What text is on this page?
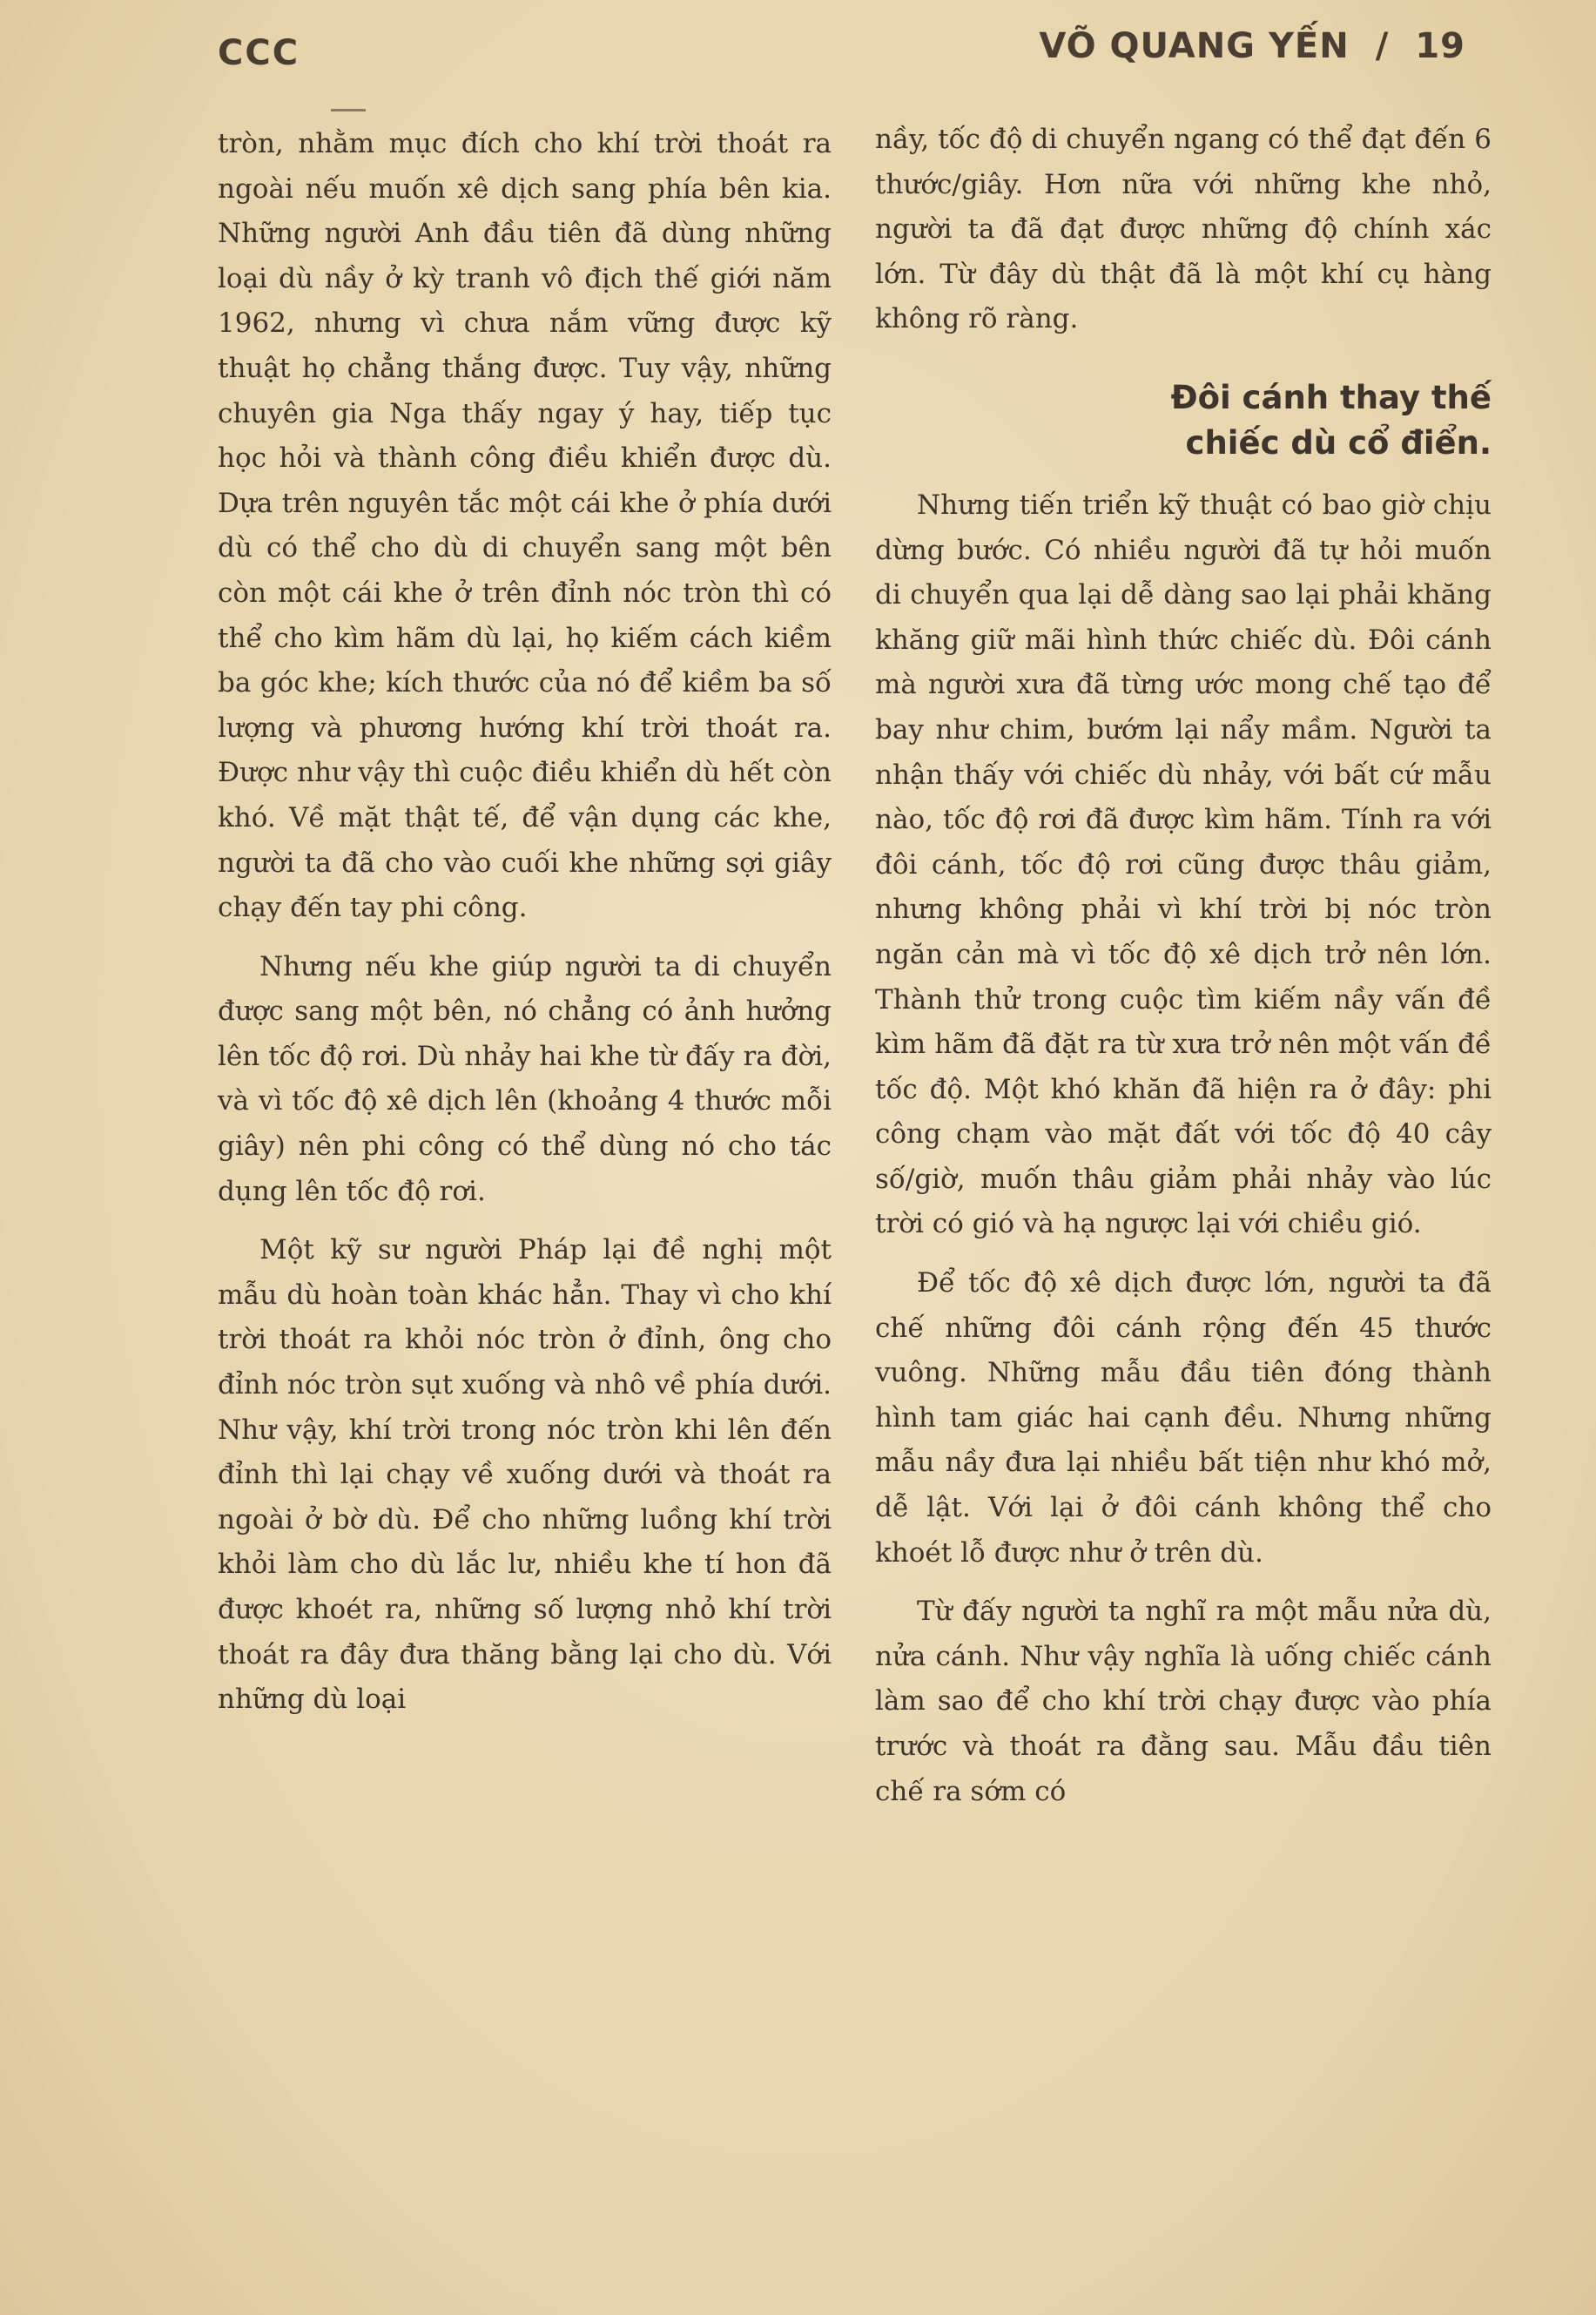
CCC	VÕ QUANG YẾN / 19

tròn, nhằm mục đích cho khí trời thoát ra ngoài nếu muốn xê dịch sang phía bên kia. Những người Anh đầu tiên đã dùng những loại dù nầy ở kỳ tranh vô địch thế giới năm 1962, nhưng vì chưa nắm vững được kỹ thuật họ chẳng thắng được. Tuy vậy, những chuyên gia Nga thấy ngay ý hay, tiếp tục học hỏi và thành công điều khiển được dù. Dựa trên nguyên tắc một cái khe ở phía dưới dù có thể cho dù di chuyển sang một bên còn một cái khe ở trên đỉnh nóc tròn thì có thể cho kìm hãm dù lại, họ kiếm cách kiềm ba góc khe; kích thước của nó để kiềm ba số lượng và phương hướng khí trời thoát ra. Được như vậy thì cuộc điều khiển dù hết còn khó. Về mặt thật tế, để vận dụng các khe, người ta đã cho vào cuối khe những sợi giây chạy đến tay phi công.

Nhưng nếu khe giúp người ta di chuyển được sang một bên, nó chẳng có ảnh hưởng lên tốc độ rơi. Dù nhảy hai khe từ đấy ra đời, và vì tốc độ xê dịch lên (khoảng 4 thước mỗi giây) nên phi công có thể dùng nó cho tác dụng lên tốc độ rơi.

Một kỹ sư người Pháp lại đề nghị một mẫu dù hoàn toàn khác hẳn. Thay vì cho khí trời thoát ra khỏi nóc tròn ở đỉnh, ông cho đỉnh nóc tròn sụt xuống và nhô về phía dưới. Như vậy, khí trời trong nóc tròn khi lên đến đỉnh thì lại chạy về xuống dưới và thoát ra ngoài ở bờ dù. Để cho những luồng khí trời khỏi làm cho dù lắc lư, nhiều khe tí hon đã được khoét ra, những số lượng nhỏ khí trời thoát ra đây đưa thăng bằng lại cho dù. Với những dù loại

nầy, tốc độ di chuyển ngang có thể đạt đến 6 thước/giây. Hơn nữa với những khe nhỏ, người ta đã đạt được những độ chính xác lớn. Từ đây dù thật đã là một khí cụ hàng không rõ ràng.

Đôi cánh thay thế
chiếc dù cổ điển.

Nhưng tiến triển kỹ thuật có bao giờ chịu dừng bước. Có nhiều người đã tự hỏi muốn di chuyển qua lại dễ dàng sao lại phải khăng khăng giữ mãi hình thức chiếc dù. Đôi cánh mà người xưa đã từng ước mong chế tạo để bay như chim, bướm lại nẩy mầm. Người ta nhận thấy với chiếc dù nhảy, với bất cứ mẫu nào, tốc độ rơi đã được kìm hãm. Tính ra với đôi cánh, tốc độ rơi cũng được thâu giảm, nhưng không phải vì khí trời bị nóc tròn ngăn cản mà vì tốc độ xê dịch trở nên lớn. Thành thử trong cuộc tìm kiếm nầy vấn đề kìm hãm đã đặt ra từ xưa trở nên một vấn đề tốc độ. Một khó khăn đã hiện ra ở đây: phi công chạm vào mặt đất với tốc độ 40 cây số/giờ, muốn thâu giảm phải nhảy vào lúc trời có gió và hạ ngược lại với chiều gió.

Để tốc độ xê dịch được lớn, người ta đã chế những đôi cánh rộng đến 45 thước vuông. Những mẫu đầu tiên đóng thành hình tam giác hai cạnh đều. Nhưng những mẫu nầy đưa lại nhiều bất tiện như khó mở, dễ lật. Với lại ở đôi cánh không thể cho khoét lỗ được như ở trên dù.

Từ đấy người ta nghĩ ra một mẫu nửa dù, nửa cánh. Như vậy nghĩa là uống chiếc cánh làm sao để cho khí trời chạy được vào phía trước và thoát ra đằng sau. Mẫu đầu tiên chế ra sớm có
